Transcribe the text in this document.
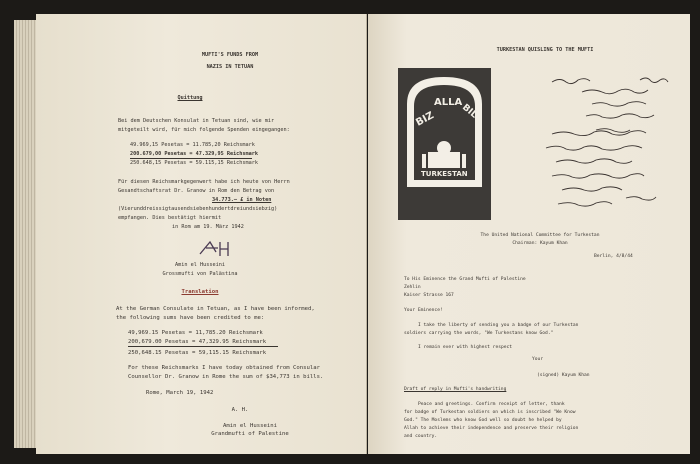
MUFTI'S FUNDS FROM
NAZIS IN TETUAN
Quittung
Bei dem Deutschen Konsulat in Tetuan sind, wie mir
mitgeteilt wird, für mich folgende Spenden eingegangen:
49.969,15 Pesetas = 11.785,20 Reichsmark
200.679,00 Pesetas = 47.329,95 Reichsmark
250.648,15 Pesetas = 59.115,15 Reichsmark
Für diesen Reichsmarkgegenwert habe ich heute von Herrn
Gesandtschaftsrat Dr. Granow in Rom den Betrag von
34.773.— £ in Noten
(Vierunddreissigtausendsiebenhundertdreiundsiebzig)
empfangen. Dies bestätigt hiermit
in Rom am 19. März 1942
Amin el Husseini
Grossmufti von Palästina
Translation
At the German Consulate in Tetuan, as I have been informed,
the following sums have been credited to me:
49,969.15 Pesetas = 11,785.20 Reichsmark
200,679.00 Pesetas = 47,329.95 Reichsmark
250,648.15 Pesetas = 59,115.15 Reichsmark
For these Reichsmarks I have today obtained from Consular
Counsellor Dr. Granow in Rome the sum of $34,773 in bills.
Rome, March 19, 1942
A. H.
Amin el Husseini
Grandmufti of Palestine
TURKESTAN QUISLING TO THE MUFTI
BIZ
ALLA
BILI
TURKESTAN
The United National Committee for Turkestan
Chairman: Kayum Khan
Berlin, 4/8/44
To His Eminence the Grand Mufti of Palestine
Zehlin
Kaiser Strasse 167
Your Eminence!
I take the liberty of sending you a badge of our Turkestan
soldiers carrying the words, "We Turkestans know God."
I remain ever with highest respect
Your
(signed) Kayum Khan
Draft of reply in Mufti's handwriting
Peace and greetings. Confirm receipt of letter, thank
for badge of Turkestan soldiers on which is inscribed "We Know
God." The Moslems who know God well so doubt he helped by
Allah to achieve their independence and preserve their religion
and country.
